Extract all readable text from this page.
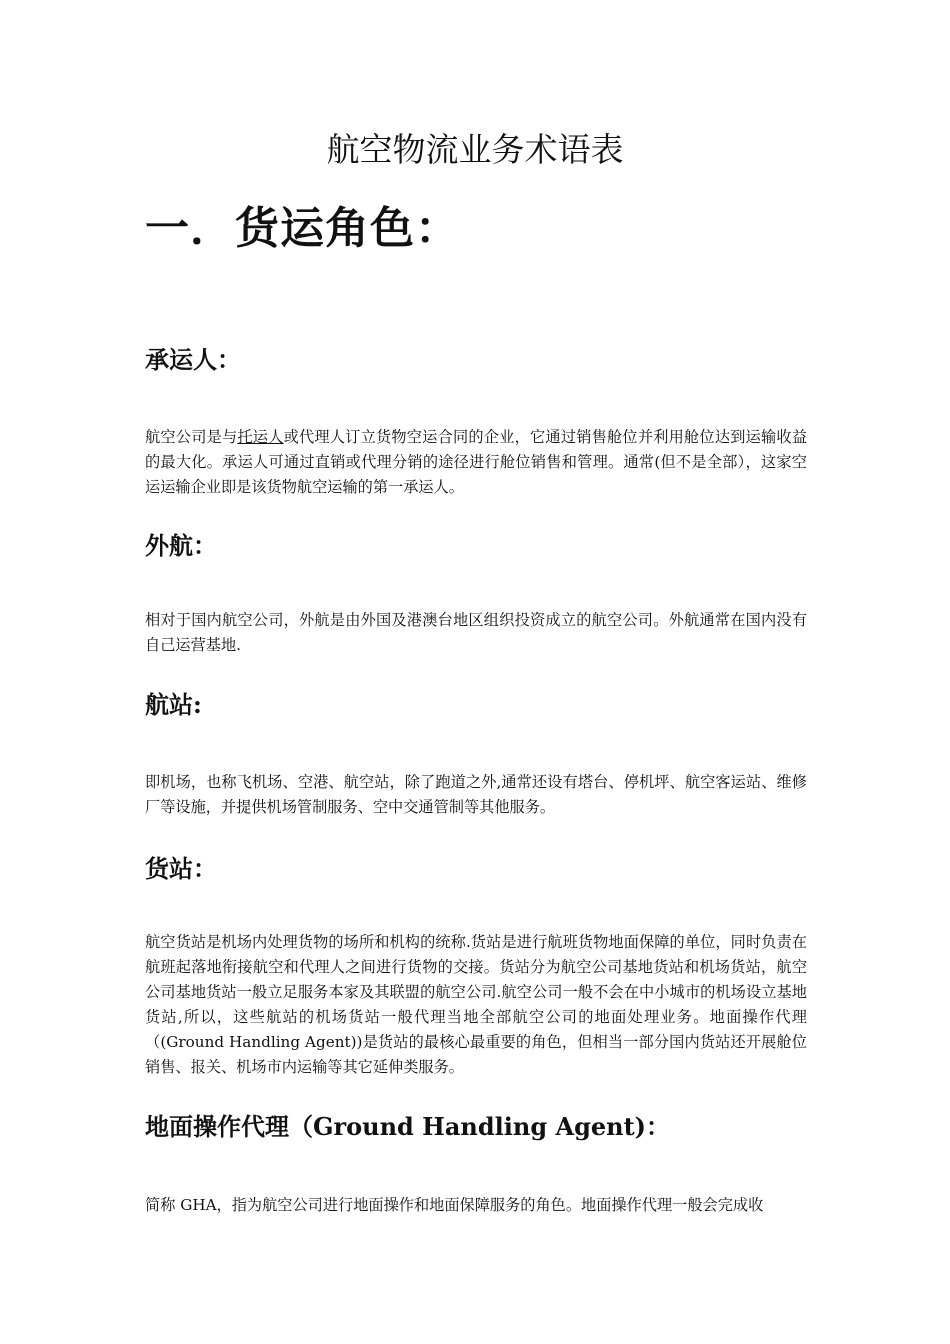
航空物流业务术语表
一．货运角色：
承运人：

航空公司是与托运人或代理人订立货物空运合同的企业，它通过销售舱位并利用舱位达到运输收益的最大化。承运人可通过直销或代理分销的途径进行舱位销售和管理。通常(但不是全部），这家空运运输企业即是该货物航空运输的第一承运人。

外航：

相对于国内航空公司，外航是由外国及港澳台地区组织投资成立的航空公司。外航通常在国内没有自己运营基地.

航站:

即机场，也称飞机场、空港、航空站，除了跑道之外,通常还设有塔台、停机坪、航空客运站、维修厂等设施，并提供机场管制服务、空中交通管制等其他服务。

货站：

航空货站是机场内处理货物的场所和机构的统称.货站是进行航班货物地面保障的单位，同时负责在航班起落地衔接航空和代理人之间进行货物的交接。货站分为航空公司基地货站和机场货站，航空公司基地货站一般立足服务本家及其联盟的航空公司.航空公司一般不会在中小城市的机场设立基地货站,所以，这些航站的机场货站一般代理当地全部航空公司的地面处理业务。地面操作代理（(Ground Handling Agent))是货站的最核心最重要的角色，但相当一部分国内货站还开展舱位销售、报关、机场市内运输等其它延伸类服务。

地面操作代理（Ground Handling Agent)：

简称 GHA，指为航空公司进行地面操作和地面保障服务的角色。地面操作代理一般会完成收
